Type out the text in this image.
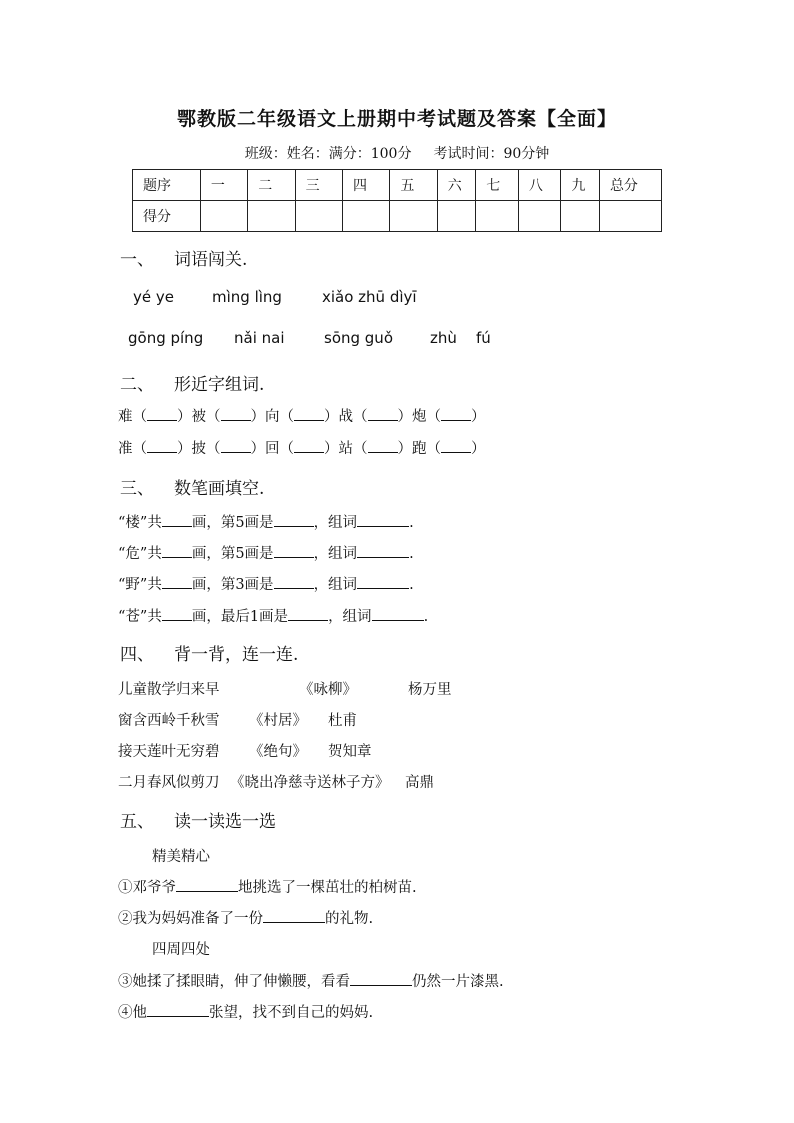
鄂教版二年级语文上册期中考试题及答案【全面】
班级：姓名：满分：100分 考试时间：90分钟
题序	一	二	三	四	五	六	七	八	九	总分
得分										
一、 词语闯关.
yé ye	mìng lìng	xiǎo zhū dìyī
gōng píng nǎi nai	sōng guǒ zhù fú
二、 形近字组词.
难（ ）被（ ）向（ ）战（ ）炮（ ）
准（ ）披（ ）回（ ）站（ ）跑（ ）
三、 数笔画填空.
“楼”共 画，第5画是	，组词	.
“危”共 画，第5画是	，组词	.
“野”共 画，第3画是	，组词	.
“苍”共 画，最后1画是	，组词	.
四、 背一背，连一连.
儿童散学归来早	《咏柳》	杨万里
窗含西岭千秋雪 《村居》 杜甫
接天莲叶无穷碧 《绝句》 贺知章
二月春风似剪刀 《晓出净慈寺送林子方》 高鼎
五、 读一读选一选
精美精心
①邓爷爷	地挑选了一棵茁壮的柏树苗.
②我为妈妈准备了一份	的礼物.
四周四处
③她揉了揉眼睛，伸了伸懒腰，看看	仍然一片漆黑.
④他	张望，找不到自己的妈妈.
